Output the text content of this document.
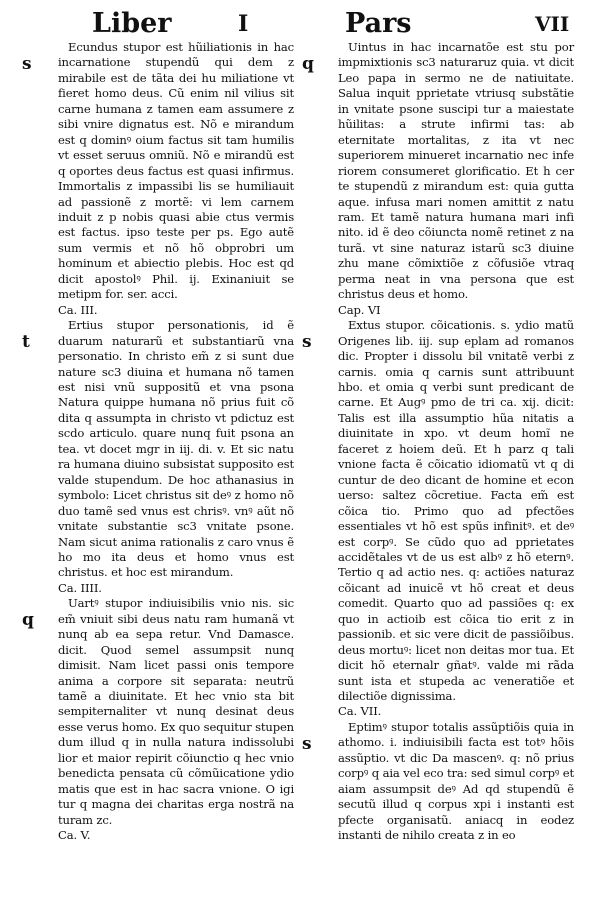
Liber	I	Pars	VII

s
Ecundus stupor est hũiliationis in hac incarnatione stupendũ qui dem z mirabile est de tãta dei hu miliatione vt fieret homo deus. Cũ enim nil vilius sit carne humana z tamen eam assumere z sibi vnire dignatus est. Nõ e mirandum est q dominꝰ oium factus sit tam humilis vt esset seruus omniũ. Nõ e mirandũ est q oportes deus factus est quasi infirmus. Immortalis z impassibi lis se humiliauit ad passionẽ z mortẽ: vi lem carnem induit z p nobis quasi abie ctus vermis est factus. ipso teste per ps. Ego autẽ sum vermis et nõ hõ obprobri um hominum et abiectio plebis. Hoc est qd dicit apostolꝰ Phil. ij. Exinaniuit se metipm for. ser. acci.

Ca. III.

t
Ertius stupor personationis, id ẽ duarum naturarũ et substantiarũ vna personatio. In christo em̃ z si sunt due nature sc3 diuina et humana nõ tamen est nisi vnũ suppositũ et vna psona Natura quippe humana nõ prius fuit cõ dita q assumpta in christo vt pdictuz est scdo articulo. quare nunq fuit psona an tea. vt docet mgr in iij. di. v. Et sic natu ra humana diuino subsistat supposito est valde stupendum. De hoc athanasius in symbolo: Licet christus sit deꝰ z homo nõ duo tamẽ sed vnus est chrisꝰ. vnꝰ aũt nõ vnitate substantie sc3 vnitate psone. Nam sicut anima rationalis z caro vnus ẽ ho mo ita deus et homo vnus est christus. et hoc est mirandum.

Ca. IIII.

q
Uartꝰ stupor indiuisibilis vnio nis. sic em̃ vniuit sibi deus natu ram humanã vt nunq ab ea sepa retur. Vnd Damasce. dicit. Quod semel assumpsit nunq dimisit. Nam licet passi onis tempore anima a corpore sit separata: neutrũ tamẽ a diuinitate. Et hec vnio sta bit sempiternaliter vt nunq desinat deus esse verus homo. Ex quo sequitur stupen dum illud q in nulla natura indissolubi lior et maior repirit cõiunctio q hec vnio benedicta pensata cũ cõmũicatione ydio matis que est in hac sacra vnione. O igi tur q magna dei charitas erga nostrã na turam zc.

Ca. V.

q
Uintus in hac incarnatõe est stu por impmixtionis sc3 naturaruz quia. vt dicit Leo papa in sermo ne de natiuitate. Salua inquit pprietate vtriusq substãtie in vnitate psone suscipi tur a maiestate hũilitas: a strute infirmi tas: ab eternitate mortalitas, z ita vt nec superiorem minueret incarnatio nec infe riorem consumeret glorificatio. Et h cer te stupendũ z mirandum est: quia gutta aque. infusa mari nomen amittit z natu ram. Et tamẽ natura humana mari infi nito. id ẽ deo cõiuncta nomẽ retinet z na turã. vt sine naturaz istarũ sc3 diuine zhu mane cõmixtiõe z cõfusiõe vtraq perma neat in vna persona que est christus deus et homo.

Cap. VI

s
Extus stupor. cõicationis. s. ydio matũ Origenes lib. iij. sup eplam ad romanos dic. Propter i dissolu bil vnitatẽ verbi z carnis. omia q carnis sunt attribuunt hbo. et omia q verbi sunt predicant de carne. Et Augꝰ pmo de tri ca. xij. dicit: Talis est illa assumptio hũa nitatis a diuinitate in xpo. vt deum homĩ ne faceret z hoiem deũ. Et h parz q tali vnione facta ẽ cõicatio idiomatũ vt q di cuntur de deo dicant de homine et econ uerso: saltez cõcretiue. Facta em̃ est cõica tio. Primo quo ad pfectões essentiales vt hõ est spũs infinitꝰ. et deꝰ est corpꝰ. Se cũdo quo ad pprietates accidẽtales vt de us est albꝰ z hõ eternꝰ. Tertio q ad actio nes. q: actiões naturaz cõicant ad inuicẽ vt hõ creat et deus comedit. Quarto quo ad passiões q: ex quo in actioib est cõica tio erit z in passionib. et sic vere dicit de passiõibus. deus mortuꝰ: licet non deitas mor tua. Et dicit hõ eternalr gñatꝰ. valde mi rãda sunt ista et stupeda ac veneratiõe et dilectiõe dignissima.

Ca. VII.

s
Eptimꝰ stupor totalis assũptiõis quia in athomo. i. indiuisibili facta est totꝰ hõis assũptio. vt dic Da mascenꝰ. q: nõ prius corpꝰ q aia vel eco tra: sed simul corpꝰ et aiam assumpsit deꝰ Ad qd stupendũ ẽ secutũ illud q corpus xpi i instanti est pfecte organisatũ. aniacq in eodez instanti de nihilo creata z in eo
